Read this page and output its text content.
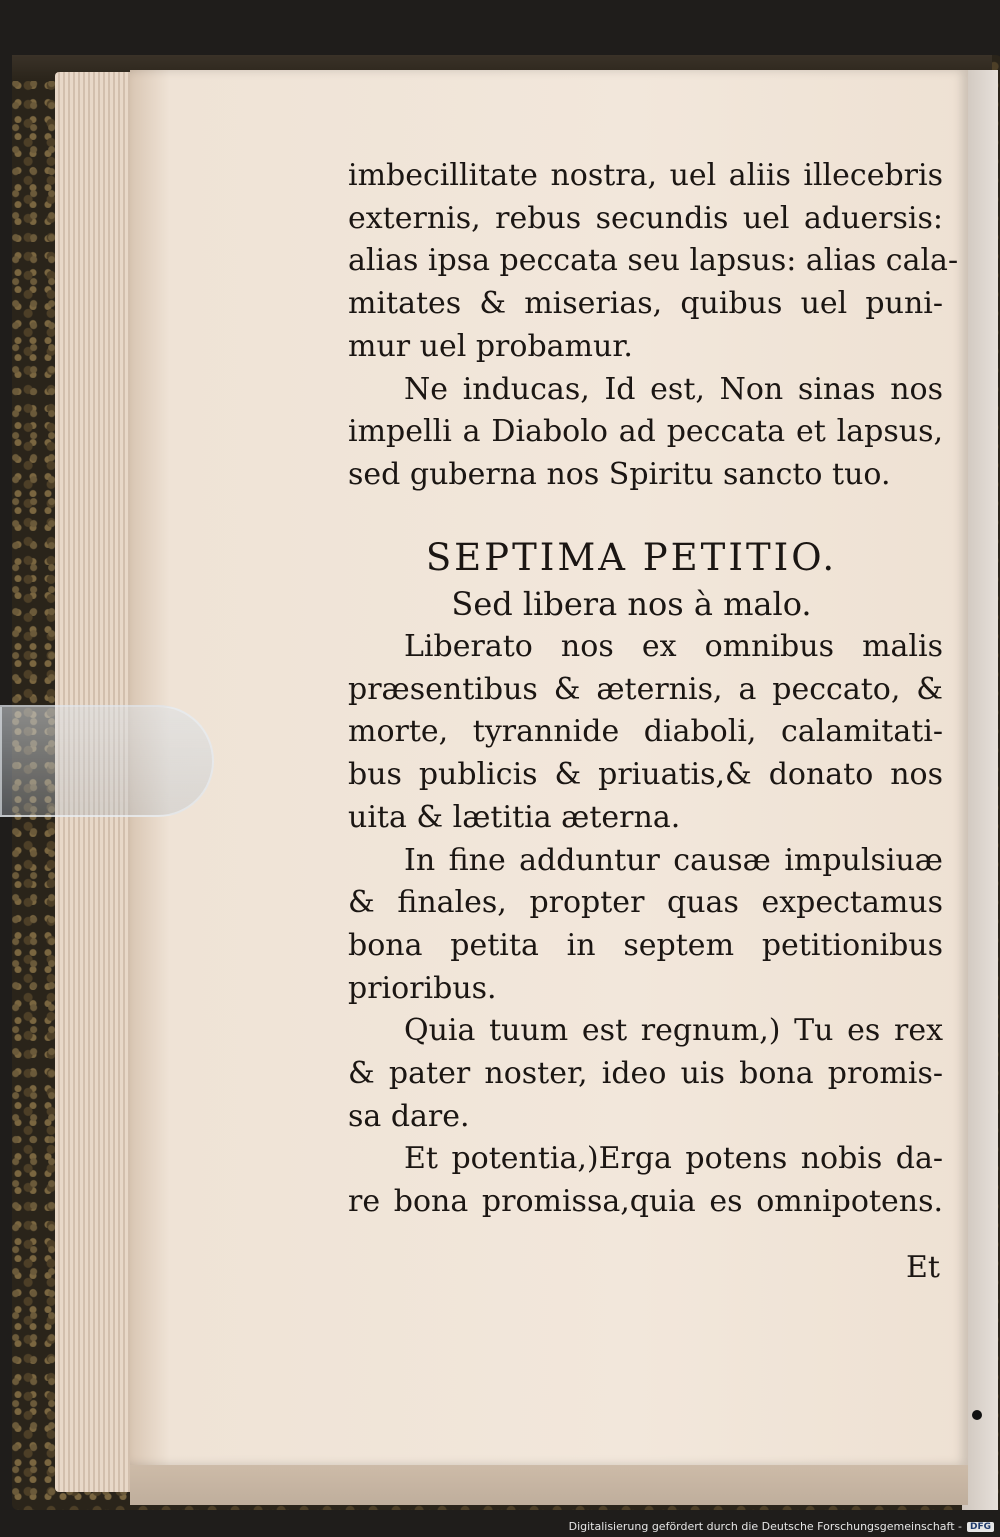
imbecillitate nostra, uel aliis illecebris
externis, rebus secundis uel aduersis:
alias ipsa peccata seu lapsus: alias cala-
mitates & miserias, quibus uel puni-
mur uel probamur.
Ne inducas, Id est, Non sinas nos
impelli a Diabolo ad peccata et lapsus,
sed guberna nos Spiritu sancto tuo.
SEPTIMA PETITIO.
Sed libera nos à malo.
Liberato nos ex omnibus malis
præsentibus & æternis, a peccato, &
morte, tyrannide diaboli, calamitati-
bus publicis & priuatis,& donato nos
uita & lætitia æterna.
In fine adduntur causæ impulsiuæ
& finales, propter quas expectamus
bona petita in septem petitionibus
prioribus.
Quia tuum est regnum,) Tu es rex
& pater noster, ideo uis bona promis-
sa dare.
Et potentia,)Erga potens nobis da-
re bona promissa,quia es omnipotens.
Et
Digitalisierung gefördert durch die Deutsche Forschungsgemeinschaft - DFG
